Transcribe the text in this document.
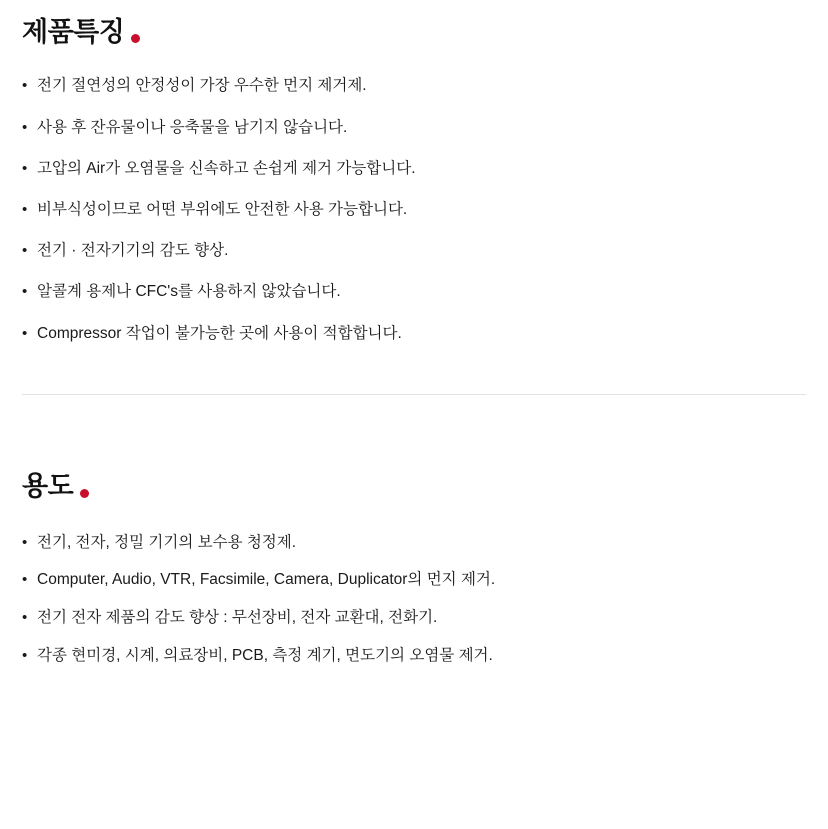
제품특징
• 전기 절연성의 안정성이 가장 우수한 먼지 제거제.
• 사용 후 잔유물이나 응축물을 남기지 않습니다.
• 고압의 Air가 오염물을 신속하고 손쉽게 제거 가능합니다.
• 비부식성이므로 어떤 부위에도 안전한 사용 가능합니다.
• 전기 · 전자기기의 감도 향상.
• 알콜계 용제나 CFC's를 사용하지 않았습니다.
• Compressor 작업이 불가능한 곳에 사용이 적합합니다.
용도
• 전기, 전자, 정밀 기기의 보수용 청정제.
• Computer, Audio, VTR, Facsimile, Camera, Duplicator의 먼지 제거.
• 전기 전자 제품의 감도 향상 : 무선장비, 전자 교환대, 전화기.
• 각종 현미경, 시계, 의료장비, PCB, 측정 계기, 면도기의 오염물 제거.
